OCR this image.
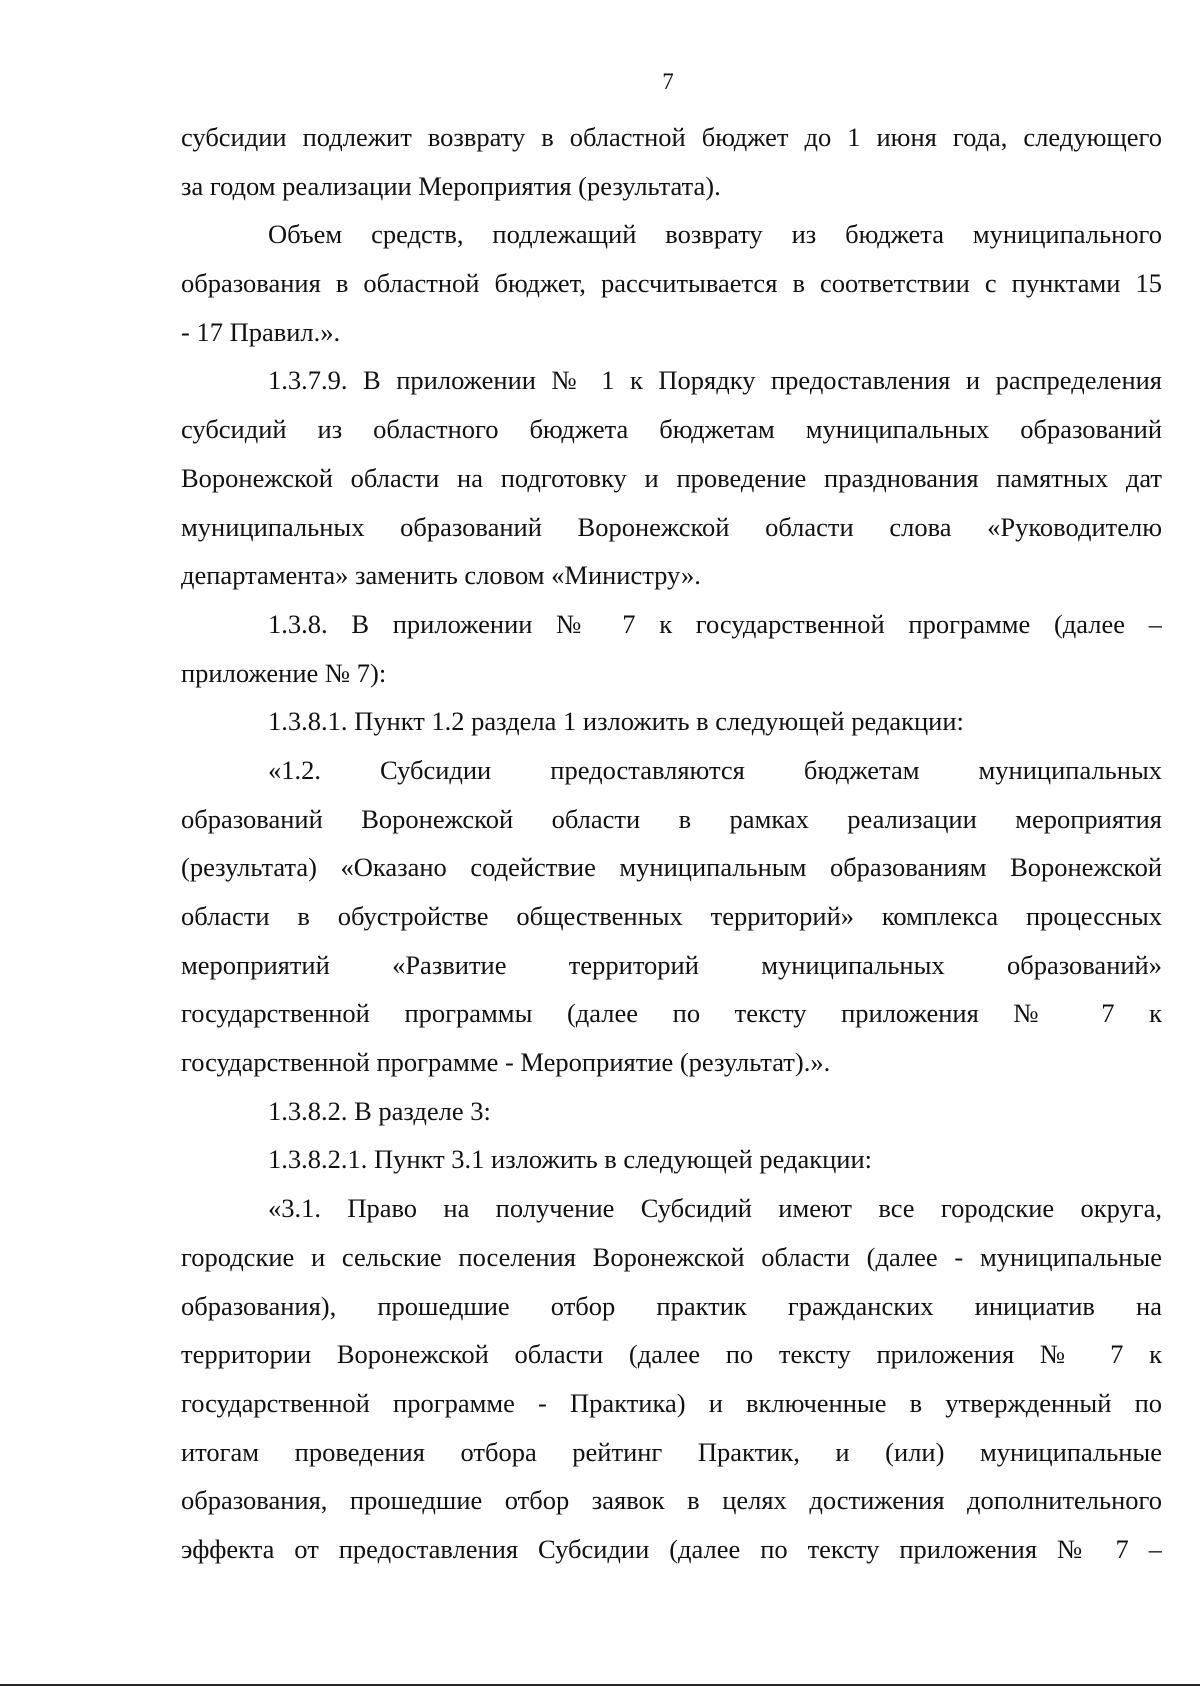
7
субсидии подлежит возврату в областной бюджет до 1 июня года, следующего
за годом реализации Мероприятия (результата).
Объем средств, подлежащий возврату из бюджета муниципального
образования в областной бюджет, рассчитывается в соответствии с пунктами 15
- 17 Правил.».
1.3.7.9. В приложении № 1 к Порядку предоставления и распределения
субсидий из областного бюджета бюджетам муниципальных образований
Воронежской области на подготовку и проведение празднования памятных дат
муниципальных образований Воронежской области слова «Руководителю
департамента» заменить словом «Министру».
1.3.8. В приложении № 7 к государственной программе (далее –
приложение № 7):
1.3.8.1. Пункт 1.2 раздела 1 изложить в следующей редакции:
«1.2. Субсидии предоставляются бюджетам муниципальных
образований Воронежской области в рамках реализации мероприятия
(результата) «Оказано содействие муниципальным образованиям Воронежской
области в обустройстве общественных территорий» комплекса процессных
мероприятий «Развитие территорий муниципальных образований»
государственной программы (далее по тексту приложения № 7 к
государственной программе - Мероприятие (результат).».
1.3.8.2. В разделе 3:
1.3.8.2.1. Пункт 3.1 изложить в следующей редакции:
«3.1. Право на получение Субсидий имеют все городские округа,
городские и сельские поселения Воронежской области (далее - муниципальные
образования), прошедшие отбор практик гражданских инициатив на
территории Воронежской области (далее по тексту приложения № 7 к
государственной программе - Практика) и включенные в утвержденный по
итогам проведения отбора рейтинг Практик, и (или) муниципальные
образования, прошедшие отбор заявок в целях достижения дополнительного
эффекта от предоставления Субсидии (далее по тексту приложения № 7 –
